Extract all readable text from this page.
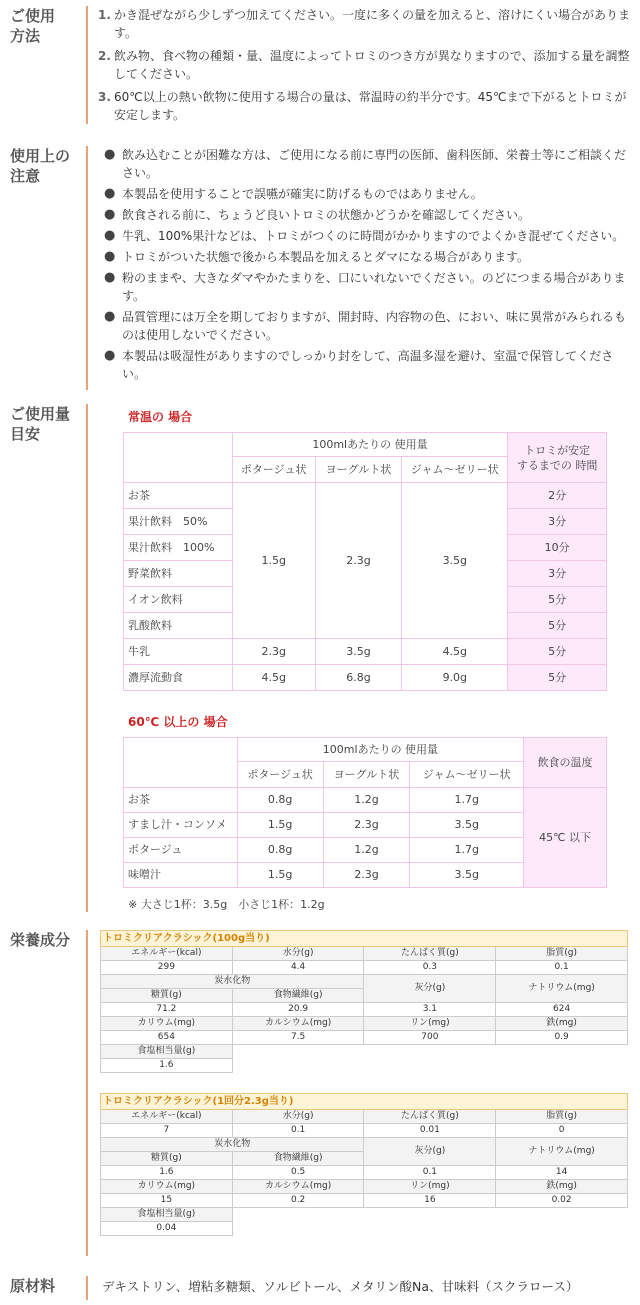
ご使用
方法
1. かき混ぜながら少しずつ加えてください。一度に多くの量を加えると、溶けにくい場合があります。
2. 飲み物、食べ物の種類・量、温度によってトロミのつき方が異なりますので、添加する量を調整してください。
3. 60℃以上の熱い飲物に使用する場合の量は、常温時の約半分です。45℃まで下がるとトロミが安定します。
使用上の
注意
● 飲み込むことが困難な方は、ご使用になる前に専門の医師、歯科医師、栄養士等にご相談ください。
● 本製品を使用することで誤嚥が確実に防げるものではありません。
● 飲食される前に、ちょうど良いトロミの状態かどうかを確認してください。
● 牛乳、100%果汁などは、トロミがつくのに時間がかかりますのでよくかき混ぜてください。
● トロミがついた状態で後から本製品を加えるとダマになる場合があります。
● 粉のままや、大きなダマやかたまりを、口にいれないでください。のどにつまる場合があります。
● 品質管理には万全を期しておりますが、開封時、内容物の色、におい、味に異常がみられるものは使用しないでください。
● 本製品は吸湿性がありますのでしっかり封をして、高温多湿を避け、室温で保管してください。
ご使用量
目安
常温の 場合
	100mlあたりの 使用量			トロミが安定
するまでの 時間
	ポタージュ状	ヨーグルト状	ジャム～ゼリー状	
お茶	1.5g	2.3g	3.5g	2分
果汁飲料　50%				3分
果汁飲料　100%				10分
野菜飲料				3分
イオン飲料				5分
乳酸飲料				5分
牛乳	2.3g	3.5g	4.5g	5分
濃厚流動食	4.5g	6.8g	9.0g	5分
60℃ 以上の 場合
	100mlあたりの 使用量			飲食の温度
	ポタージュ状	ヨーグルト状	ジャム～ゼリー状	
お茶	0.8g	1.2g	1.7g	45℃ 以下
すまし汁・コンソメ	1.5g	2.3g	3.5g	
ポタージュ	0.8g	1.2g	1.7g	
味噌汁	1.5g	2.3g	3.5g	
※ 大さじ1杯：3.5g　小さじ1杯：1.2g
栄養成分	トロミクリアクラシック(100g当り)			
エネルギー(kcal)	水分(g)	たんぱく質(g)	脂質(g)
299	4.4	0.3	0.1
炭水化物		灰分(g)	ナトリウム(mg)
糖質(g)	食物繊維(g)		
71.2	20.9	3.1	624
カリウム(mg)	カルシウム(mg)	リン(mg)	鉄(mg)
654	7.5	700	0.9
食塩相当量(g)			
1.6			
トロミクリアクラシック(1回分2.3g当り)			
エネルギー(kcal)	水分(g)	たんぱく質(g)	脂質(g)
7	0.1	0.01	0
炭水化物		灰分(g)	ナトリウム(mg)
糖質(g)	食物繊維(g)		
1.6	0.5	0.1	14
カリウム(mg)	カルシウム(mg)	リン(mg)	鉄(mg)
15	0.2	16	0.02
食塩相当量(g)			
0.04			
原材料	デキストリン、増粘多糖類、ソルビトール、メタリン酸Na、甘味料（スクラロース）
